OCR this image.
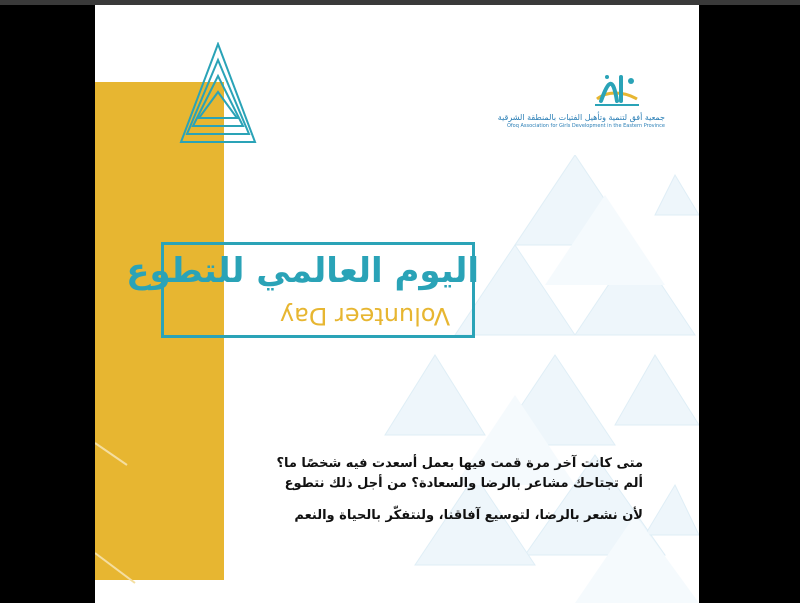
جمعية أفق لتنمية وتأهيل الفتيات بالمنطقة الشرقية
Ofoq Association for Girls Development in the Eastern Province
اليوم العالمي للتطوع
Volunteer Day

متى كانت آخر مرة قمت فيها بعمل أسعدت فيه شخصًا ما؟

ألم تجتاحك مشاعر بالرضا والسعادة؟ من أجل ذلك نتطوع

لأن نشعر بالرضا، لتوسيع آفاقنا، ولنتفكّر بالحياة والنعم
